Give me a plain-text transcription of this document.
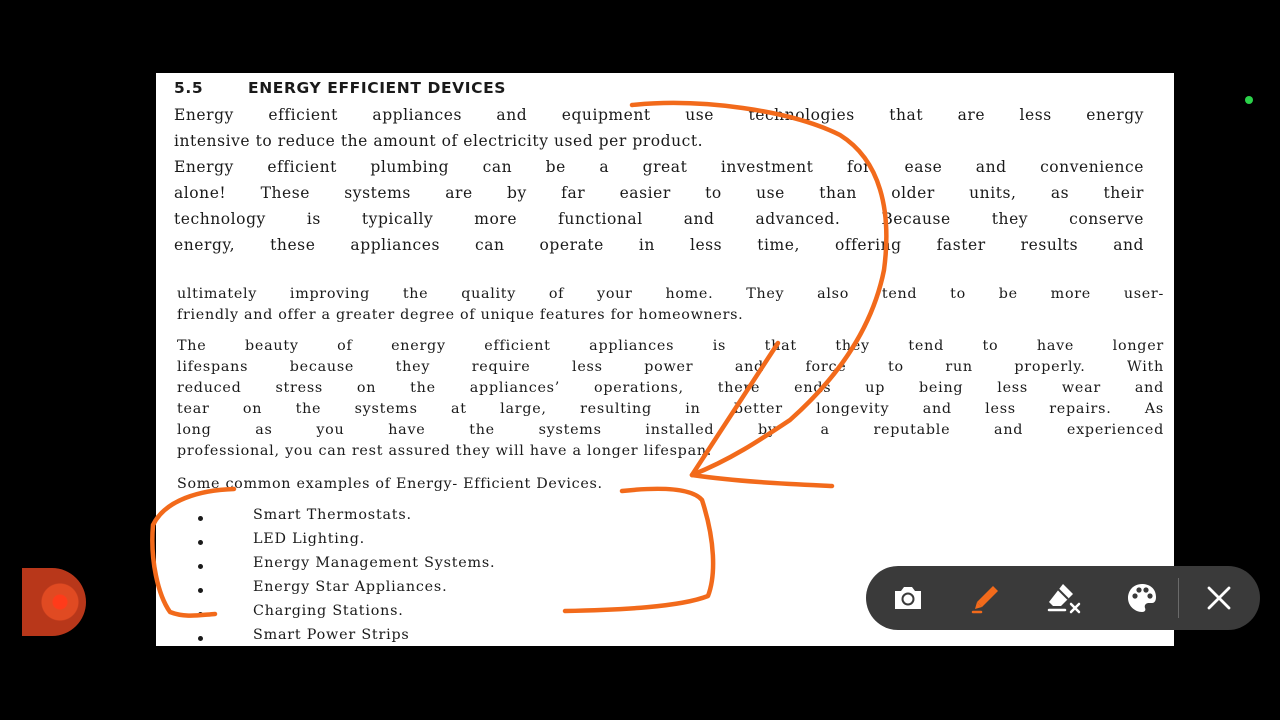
5.5	ENERGY EFFICIENT DEVICES
Energy efficient appliances and equipment use technologies that are less energy
intensive to reduce the amount of electricity used per product.
Energy efficient plumbing can be a great investment for ease and convenience
alone! These systems are by far easier to use than older units, as their
technology is typically more functional and advanced. Because they conserve
energy, these appliances can operate in less time, offering faster results and
ultimately improving the quality of your home. They also tend to be more user-
friendly and offer a greater degree of unique features for homeowners.
The beauty of energy efficient appliances is that they tend to have longer
lifespans because they require less power and force to run properly. With
reduced stress on the appliances’ operations, there ends up being less wear and
tear on the systems at large, resulting in better longevity and less repairs. As
long as you have the systems installed by a reputable and experienced
professional, you can rest assured they will have a longer lifespan.
Some common examples of Energy- Efficient Devices.
Smart Thermostats.
LED Lighting.
Energy Management Systems.
Energy Star Appliances.
Charging Stations.
Smart Power Strips
